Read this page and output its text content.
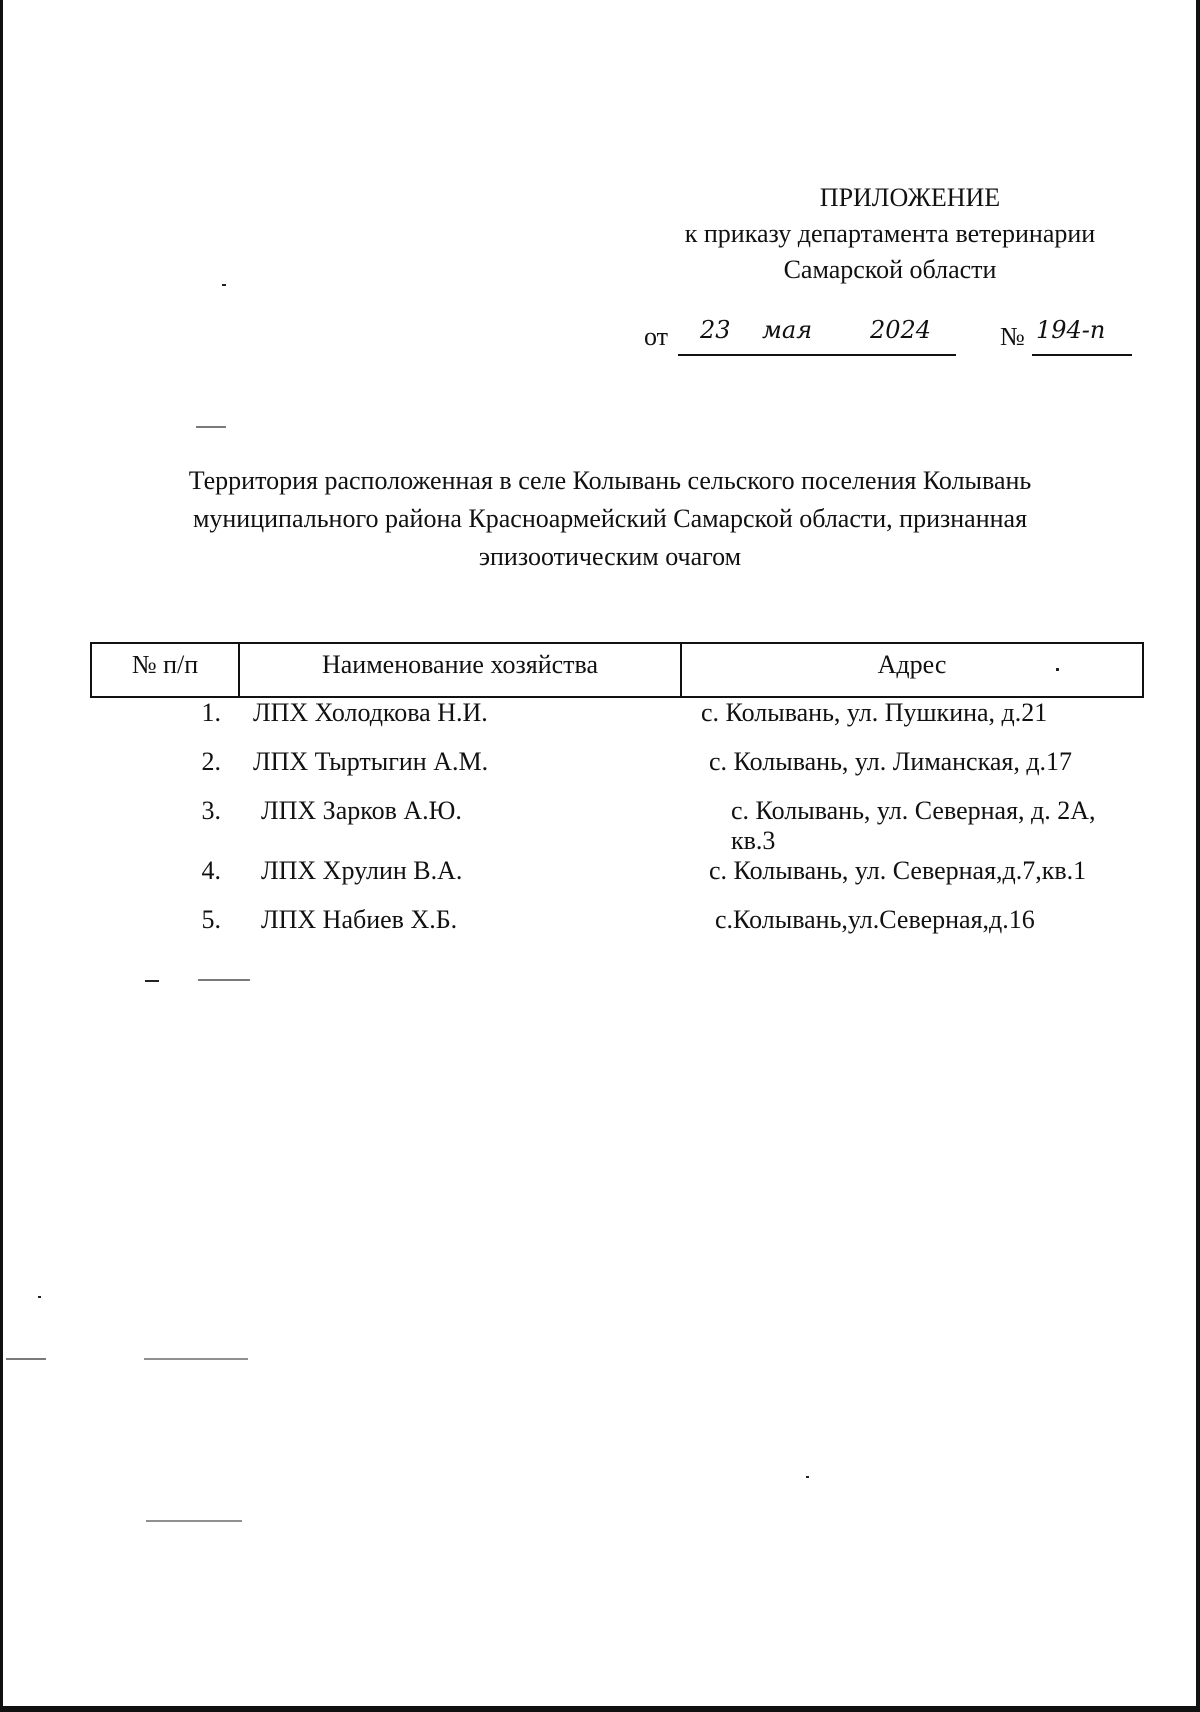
ПРИЛОЖЕНИЕ
к приказу департамента ветеринарии
Самарской области
от 23 мая 2024	№ 194-п
Территория расположенная в селе Колывань сельского поселения Колывань
муниципального района Красноармейский Самарской области, признанная
эпизоотическим очагом
№ п/п	Наименование хозяйства	Адрес
1.	ЛПХ Холодкова Н.И.	с. Колывань, ул. Пушкина, д.21
2.	ЛПХ Тыртыгин А.М.	с. Колывань, ул. Лиманская, д.17
3.	ЛПХ Зарков А.Ю.	с. Колывань, ул. Северная, д. 2А, кв.3
4.	ЛПХ Хрулин В.А.	с. Колывань, ул. Северная,д.7,кв.1
5.	ЛПХ Набиев Х.Б.	с.Колывань,ул.Северная,д.16
